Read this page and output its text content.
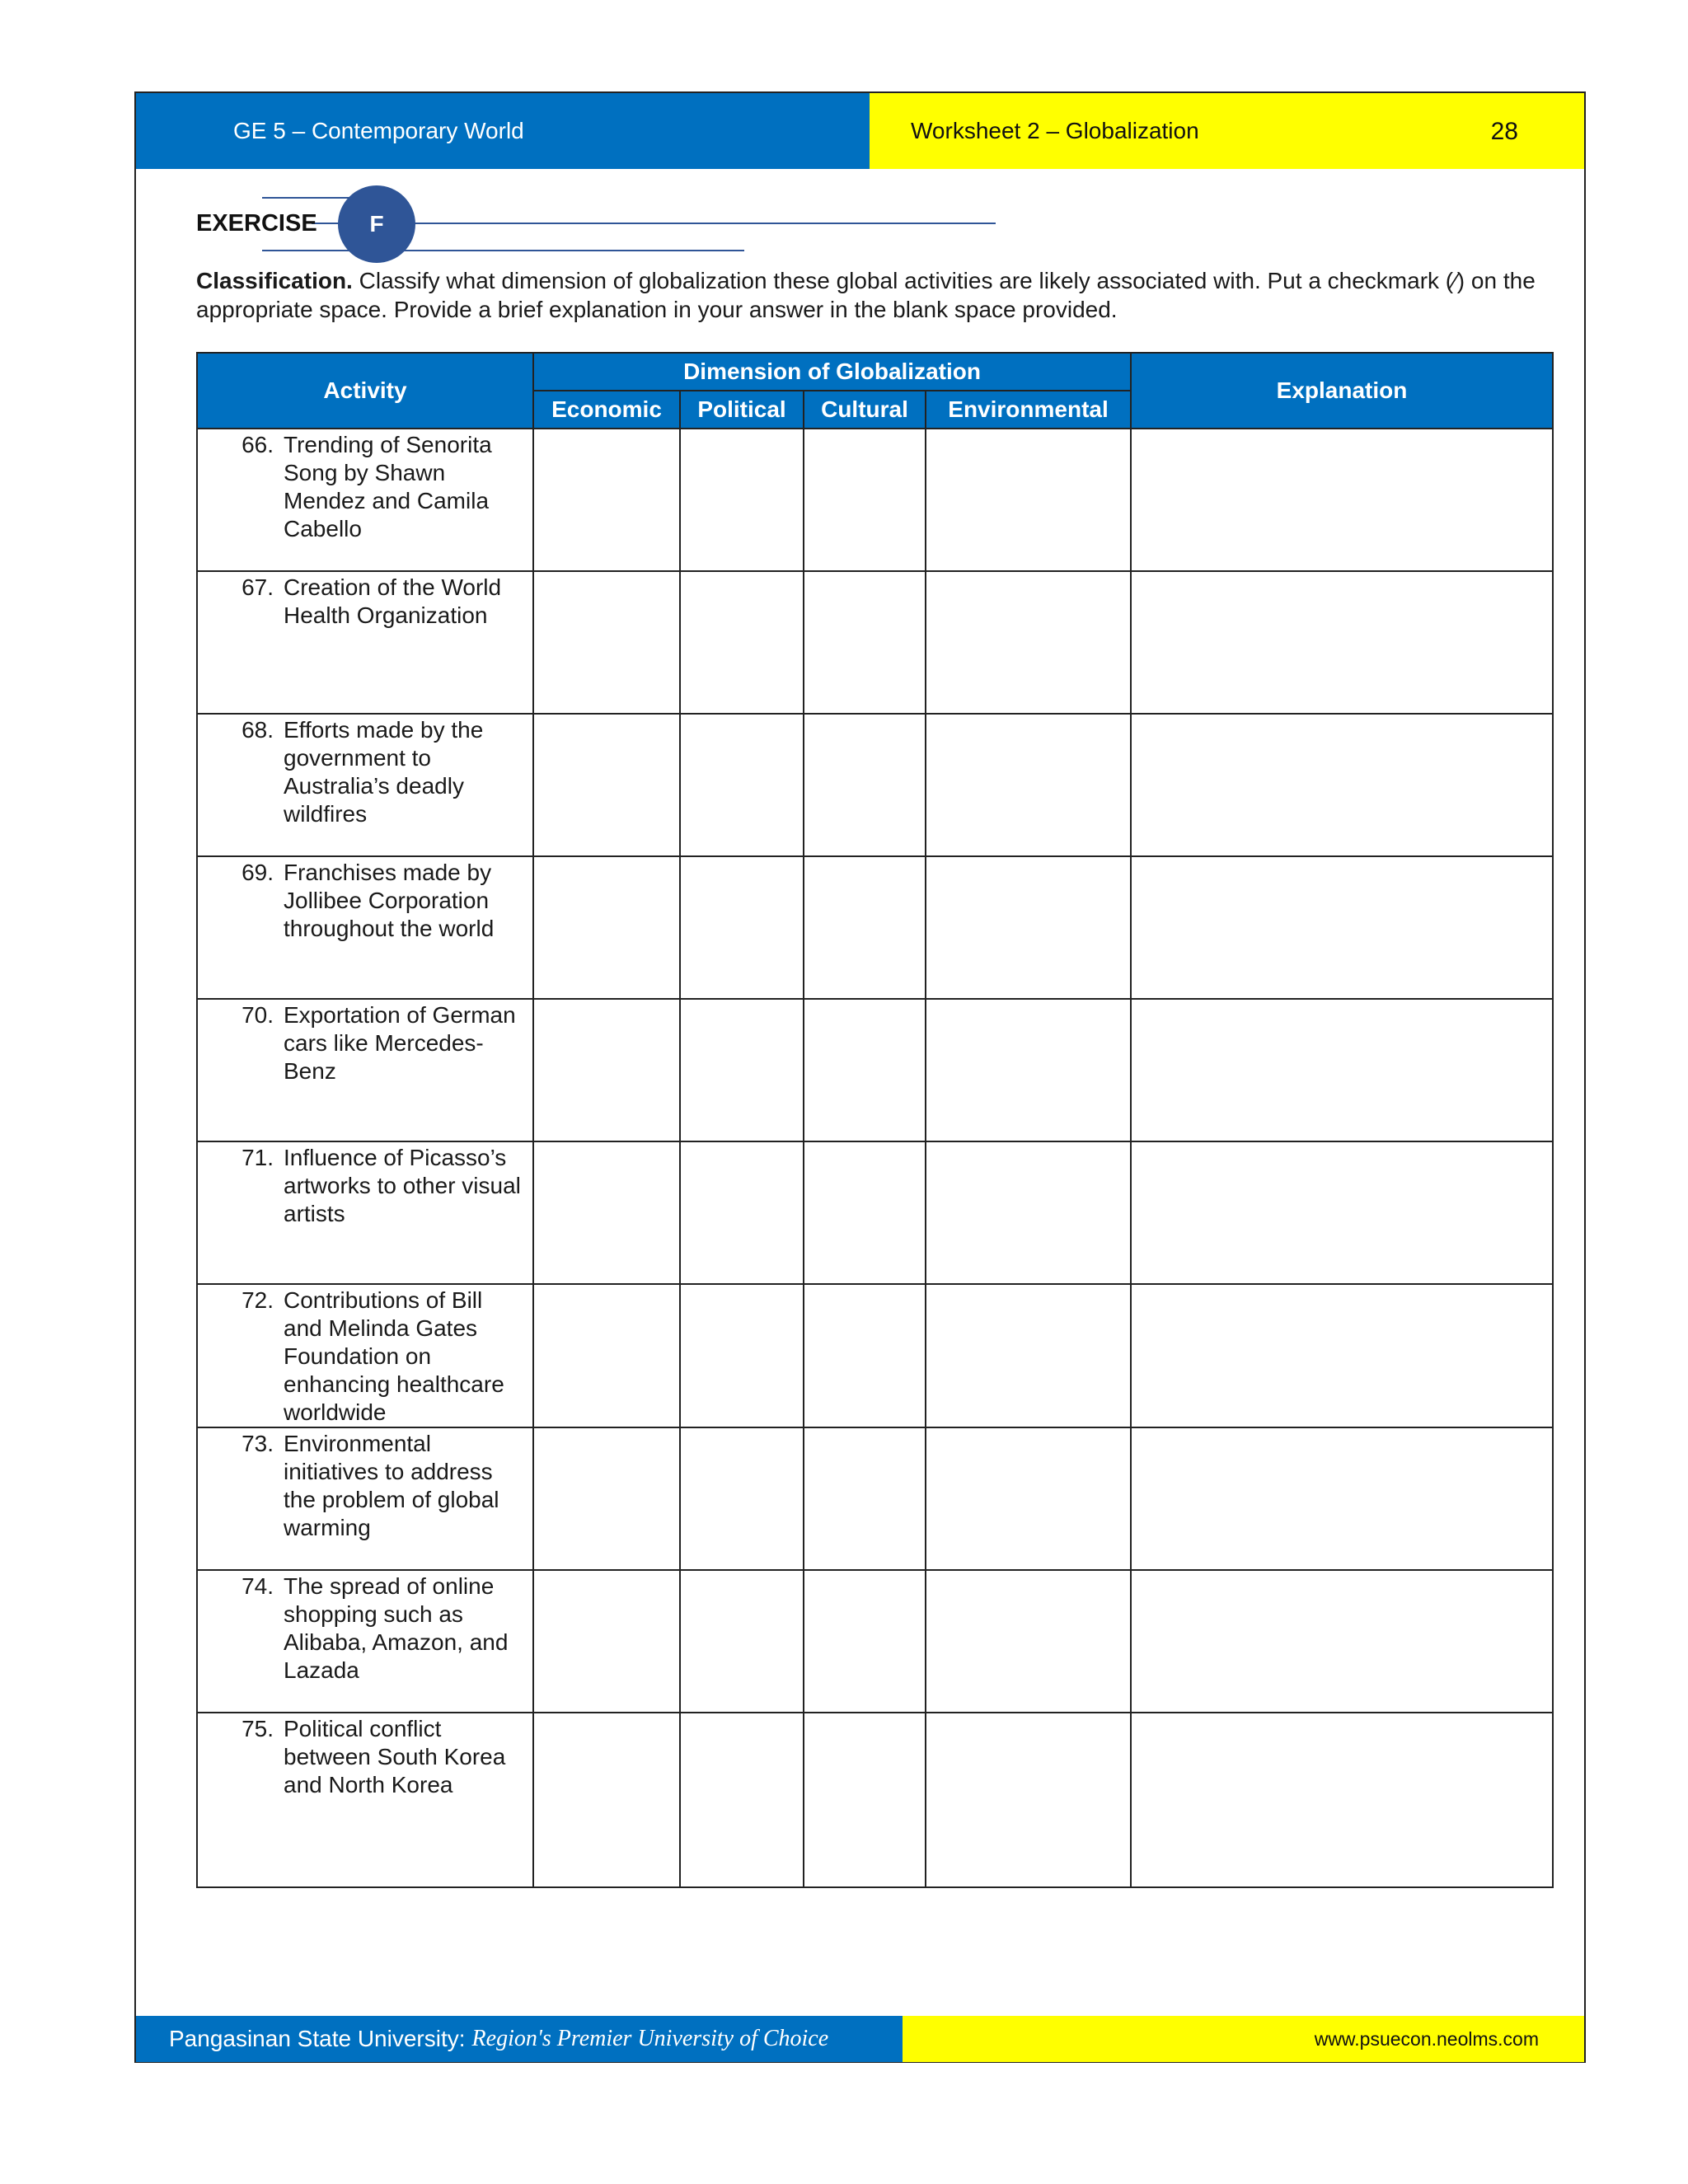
GE 5 – Contemporary World	Worksheet 2 – Globalization	28
EXERCISE	F
Classification. Classify what dimension of globalization these global activities are likely associated with. Put a checkmark (⁄) on the appropriate space. Provide a brief explanation in your answer in the blank space provided.
Activity	Dimension of Globalization				Explanation
	Economic	Political	Cultural	Environmental	

66. Trending of Senorita Song by Shawn Mendez and Camila Cabello					

67. Creation of the World Health Organization					

68. Efforts made by the government to Australia’s deadly wildfires					

69. Franchises made by Jollibee Corporation throughout the world					

70. Exportation of German cars like Mercedes-Benz					

71. Influence of Picasso’s artworks to other visual artists					

72. Contributions of Bill and Melinda Gates Foundation on enhancing healthcare worldwide					

73. Environmental initiatives to address the problem of global warming					

74. The spread of online shopping such as Alibaba, Amazon, and Lazada					

75. Political conflict between South Korea and North Korea					

Pangasinan State University: Region's Premier University of Choice	www.psuecon.neolms.com
